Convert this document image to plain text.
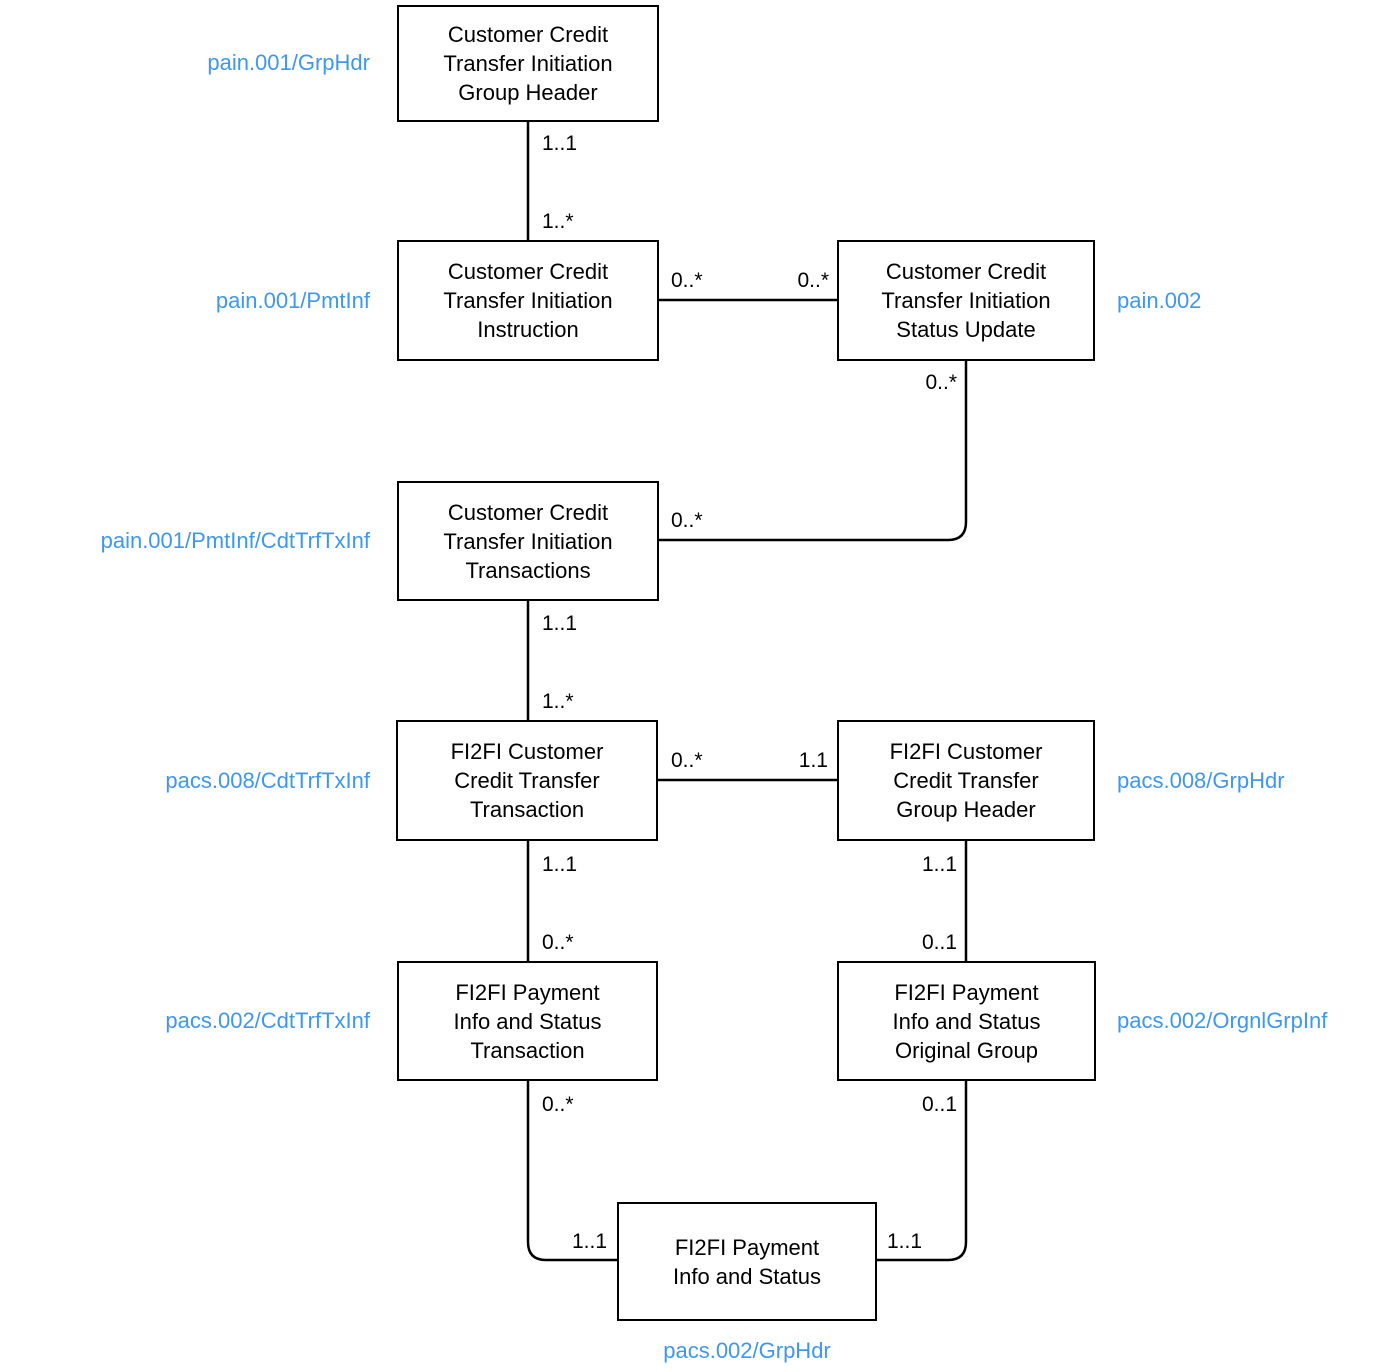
Customer Credit
Transfer Initiation
Group Header
Customer Credit
Transfer Initiation
Instruction
Customer Credit
Transfer Initiation
Status Update
Customer Credit
Transfer Initiation
Transactions
FI2FI Customer
Credit Transfer
Transaction
FI2FI Customer
Credit Transfer
Group Header
FI2FI Payment
Info and Status
Transaction
FI2FI Payment
Info and Status
Original Group
FI2FI Payment
Info and Status
pain.001/GrpHdr
pain.001/PmtInf
pain.001/PmtInf/CdtTrfTxInf
pacs.008/CdtTrfTxInf
pacs.002/CdtTrfTxInf
pain.002
pacs.008/GrpHdr
pacs.002/OrgnlGrpInf
pacs.002/GrpHdr
1..1
1..*
0..*	0..*
0..*
0..*
1..1
1..*
0..*	1.1
1..1
0..*
1..1
0..1
0..*	0..1
1..1	1..1
